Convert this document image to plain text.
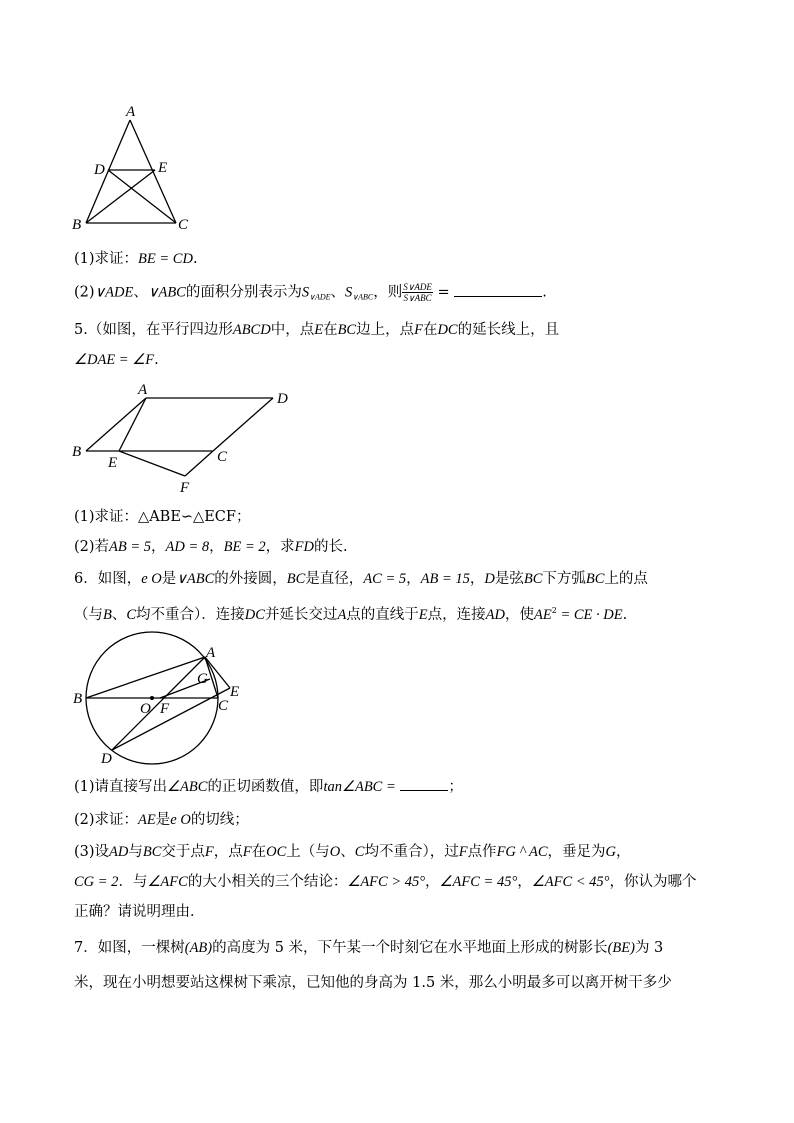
A
D	E
B	C
(1)求证：BE = CD.
(2)∨ADE、∨ABC的面积分别表示为$S_{\vee ADE}$、$S_{\vee ABC}$，则 $\frac{\text{S∨ADE}}{\text{S∨ABC}}$ =	.
5.（如图，在平行四边形ABCD中，点E在BC边上，点F在DC的延长线上，且
∠DAE = ∠F.
A
D
B
E	C
F
(1)求证：△ABE∽△ECF；
(2)若AB = 5，AD = 8，BE = 2，求FD的长.
6．如图，e O是∨ABC的外接圆，BC是直径，AC = 5，AB = 15，D是弦BC下方弧BC上的点
（与B、C均不重合）．连接DC并延长交过A点的直线于E点，连接AD，使$AE^2$ = CE · DE.
A
G
E
B
O F	C
D
(1)请直接写出∠ABC的正切函数值，即tan∠ABC =	；
(2)求证：AE是e O的切线；
(3)设AD与BC交于点F，点F在OC上（与O、C均不重合），过F点作FG ^ AC，垂足为G，
CG = 2．与∠AFC的大小相关的三个结论：∠AFC > 45°，∠AFC = 45°，∠AFC < 45°，你认为哪个
正确？请说明理由．
7．如图，一棵树(AB)的高度为 5 米，下午某一个时刻它在水平地面上形成的树影长(BE)为 3
米，现在小明想要站这棵树下乘凉，已知他的身高为 1.5 米，那么小明最多可以离开树干多少
